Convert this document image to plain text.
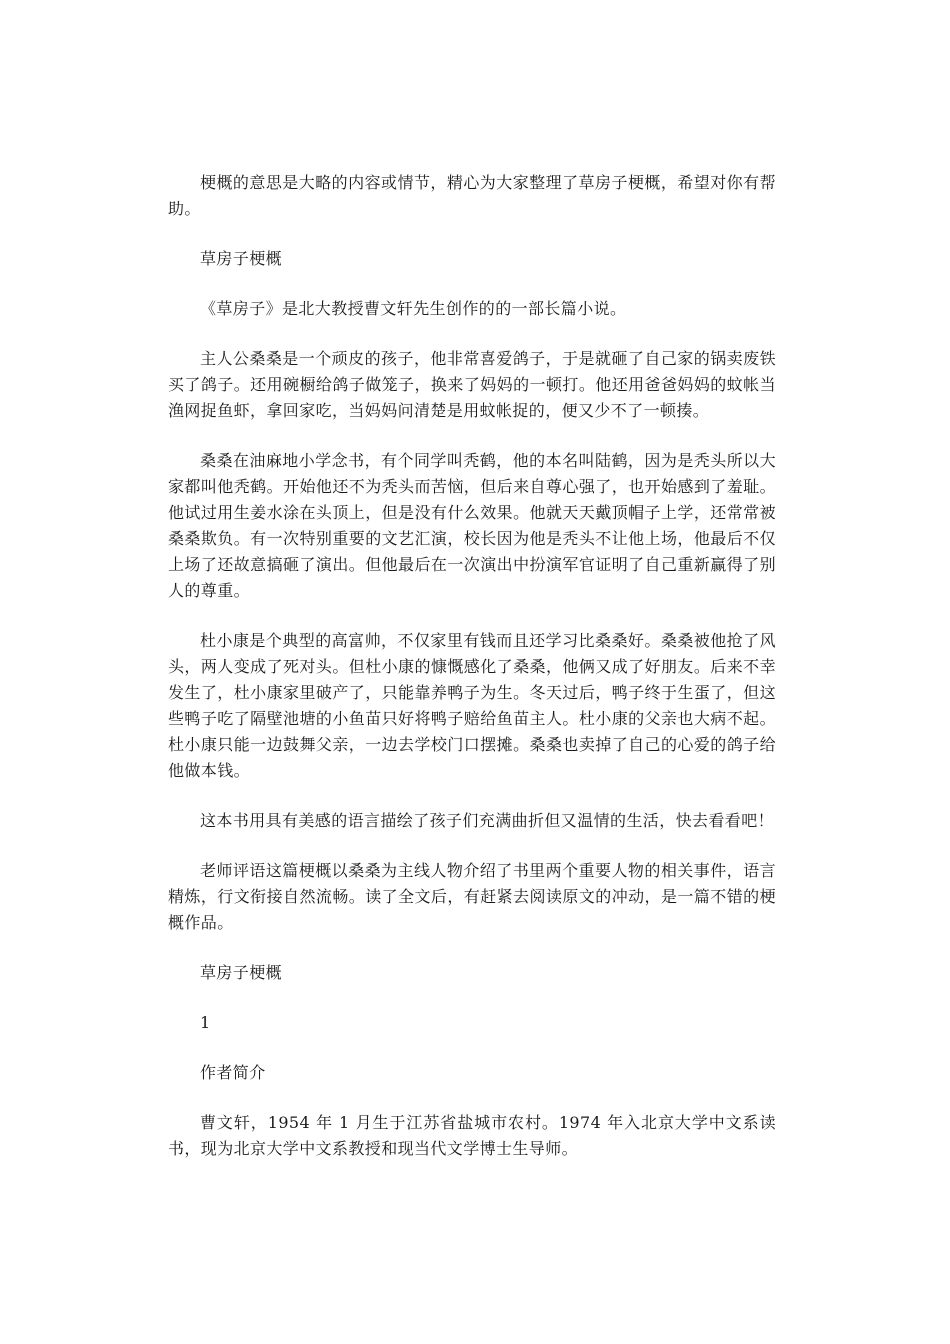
梗概的意思是大略的内容或情节，精心为大家整理了草房子梗概，希望对你有帮助。

草房子梗概

《草房子》是北大教授曹文轩先生创作的的一部长篇小说。

主人公桑桑是一个顽皮的孩子，他非常喜爱鸽子，于是就砸了自己家的锅卖废铁买了鸽子。还用碗橱给鸽子做笼子，换来了妈妈的一顿打。他还用爸爸妈妈的蚊帐当渔网捉鱼虾，拿回家吃，当妈妈问清楚是用蚊帐捉的，便又少不了一顿揍。

桑桑在油麻地小学念书，有个同学叫秃鹤，他的本名叫陆鹤，因为是秃头所以大家都叫他秃鹤。开始他还不为秃头而苦恼，但后来自尊心强了，也开始感到了羞耻。他试过用生姜水涂在头顶上，但是没有什么效果。他就天天戴顶帽子上学，还常常被桑桑欺负。有一次特别重要的文艺汇演，校长因为他是秃头不让他上场，他最后不仅上场了还故意搞砸了演出。但他最后在一次演出中扮演军官证明了自己重新赢得了别人的尊重。

杜小康是个典型的高富帅，不仅家里有钱而且还学习比桑桑好。桑桑被他抢了风头，两人变成了死对头。但杜小康的慷慨感化了桑桑，他俩又成了好朋友。后来不幸发生了，杜小康家里破产了，只能靠养鸭子为生。冬天过后，鸭子终于生蛋了，但这些鸭子吃了隔壁池塘的小鱼苗只好将鸭子赔给鱼苗主人。杜小康的父亲也大病不起。杜小康只能一边鼓舞父亲，一边去学校门口摆摊。桑桑也卖掉了自己的心爱的鸽子给他做本钱。

这本书用具有美感的语言描绘了孩子们充满曲折但又温情的生活，快去看看吧！

老师评语这篇梗概以桑桑为主线人物介绍了书里两个重要人物的相关事件，语言精炼，行文衔接自然流畅。读了全文后，有赶紧去阅读原文的冲动，是一篇不错的梗概作品。

草房子梗概

1

作者简介

曹文轩，1954 年 1 月生于江苏省盐城市农村。1974 年入北京大学中文系读书，现为北京大学中文系教授和现当代文学博士生导师。
